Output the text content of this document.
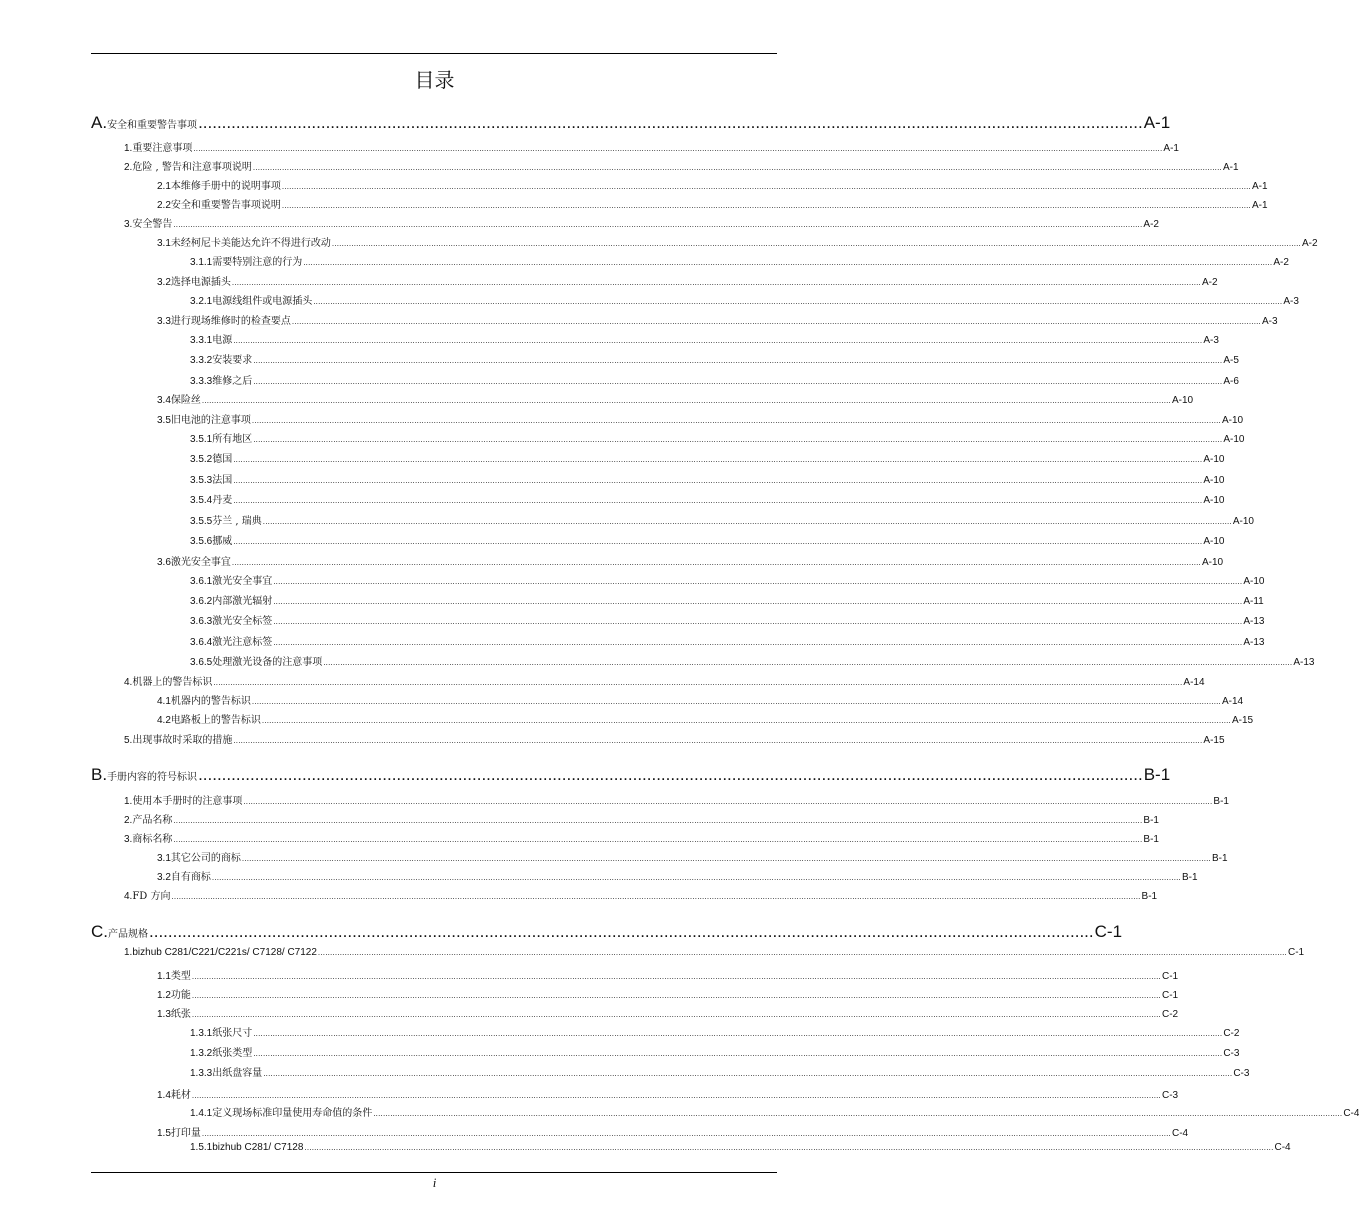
目录
A. 安全和重要警告事项 ........................................................................................................................................................................................................ A-1
1. 重要注意事项 ................................................................................................................................................................................................................................................................................................................................................................................................................ A-1
2. 危险 , 警告和注意事项说明 ................................................................................................................................................................................................................................................................................................................................................................................................................ A-1
2.1 本维修手册中的说明事项 ................................................................................................................................................................................................................................................................................................................................................................................................................ A-1
2.2 安全和重要警告事项说明 ................................................................................................................................................................................................................................................................................................................................................................................................................ A-1
3. 安全警告 ................................................................................................................................................................................................................................................................................................................................................................................................................ A-2
3.1 未经柯尼卡美能达允许不得进行改动 ................................................................................................................................................................................................................................................................................................................................................................................................................ A-2
3.1.1 需要特别注意的行为 ................................................................................................................................................................................................................................................................................................................................................................................................................ A-2
3.2 选择电源插头 ................................................................................................................................................................................................................................................................................................................................................................................................................ A-2
3.2.1 电源线组件或电源插头 ................................................................................................................................................................................................................................................................................................................................................................................................................ A-3
3.3 进行现场维修时的检查要点 ................................................................................................................................................................................................................................................................................................................................................................................................................ A-3
3.3.1 电源 ................................................................................................................................................................................................................................................................................................................................................................................................................ A-3
3.3.2 安装要求 ................................................................................................................................................................................................................................................................................................................................................................................................................ A-5
3.3.3 维修之后 ................................................................................................................................................................................................................................................................................................................................................................................................................ A-6
3.4 保险丝 ................................................................................................................................................................................................................................................................................................................................................................................................................ A-10
3.5 旧电池的注意事项 ................................................................................................................................................................................................................................................................................................................................................................................................................ A-10
3.5.1 所有地区 ................................................................................................................................................................................................................................................................................................................................................................................................................ A-10
3.5.2 德国 ................................................................................................................................................................................................................................................................................................................................................................................................................ A-10
3.5.3 法国 ................................................................................................................................................................................................................................................................................................................................................................................................................ A-10
3.5.4 丹麦 ................................................................................................................................................................................................................................................................................................................................................................................................................ A-10
3.5.5 芬兰 , 瑞典 ................................................................................................................................................................................................................................................................................................................................................................................................................ A-10
3.5.6 挪威 ................................................................................................................................................................................................................................................................................................................................................................................................................ A-10
3.6 激光安全事宜 ................................................................................................................................................................................................................................................................................................................................................................................................................ A-10
3.6.1 激光安全事宜 ................................................................................................................................................................................................................................................................................................................................................................................................................ A-10
3.6.2 内部激光辐射 ................................................................................................................................................................................................................................................................................................................................................................................................................ A-11
3.6.3 激光安全标签 ................................................................................................................................................................................................................................................................................................................................................................................................................ A-13
3.6.4 激光注意标签 ................................................................................................................................................................................................................................................................................................................................................................................................................ A-13
3.6.5 处理激光设备的注意事项 ................................................................................................................................................................................................................................................................................................................................................................................................................ A-13
4. 机器上的警告标识 ................................................................................................................................................................................................................................................................................................................................................................................................................ A-14
4.1 机器内的警告标识 ................................................................................................................................................................................................................................................................................................................................................................................................................ A-14
4.2 电路板上的警告标识 ................................................................................................................................................................................................................................................................................................................................................................................................................ A-15
5. 出现事故时采取的措施 ................................................................................................................................................................................................................................................................................................................................................................................................................ A-15
B. 手册内容的符号标识 ........................................................................................................................................................................................................ B-1
1. 使用本手册时的注意事项 ................................................................................................................................................................................................................................................................................................................................................................................................................ B-1
2. 产品名称 ................................................................................................................................................................................................................................................................................................................................................................................................................ B-1
3. 商标名称 ................................................................................................................................................................................................................................................................................................................................................................................................................ B-1
3.1 其它公司的商标 ................................................................................................................................................................................................................................................................................................................................................................................................................ B-1
3.2 自有商标 ................................................................................................................................................................................................................................................................................................................................................................................................................ B-1
4. FD 方向 ................................................................................................................................................................................................................................................................................................................................................................................................................ B-1
C. 产品规格 ........................................................................................................................................................................................................ C-1
1. bizhub C281/C221/C221s/ C7128/ C7122 ................................................................................................................................................................................................................................................................................................................................................................................................................ C-1
1.1 类型 ................................................................................................................................................................................................................................................................................................................................................................................................................ C-1
1.2 功能 ................................................................................................................................................................................................................................................................................................................................................................................................................ C-1
1.3 纸张 ................................................................................................................................................................................................................................................................................................................................................................................................................ C-2
1.3.1 纸张尺寸 ................................................................................................................................................................................................................................................................................................................................................................................................................ C-2
1.3.2 纸张类型 ................................................................................................................................................................................................................................................................................................................................................................................................................ C-3
1.3.3 出纸盘容量 ................................................................................................................................................................................................................................................................................................................................................................................................................ C-3
1.4 耗材 ................................................................................................................................................................................................................................................................................................................................................................................................................ C-3
1.4.1 定义现场标准印量使用寿命值的条件 ................................................................................................................................................................................................................................................................................................................................................................................................................ C-4
1.5 打印量 ................................................................................................................................................................................................................................................................................................................................................................................................................ C-4
1.5.1 bizhub C281/ C7128 ................................................................................................................................................................................................................................................................................................................................................................................................................ C-4
i
